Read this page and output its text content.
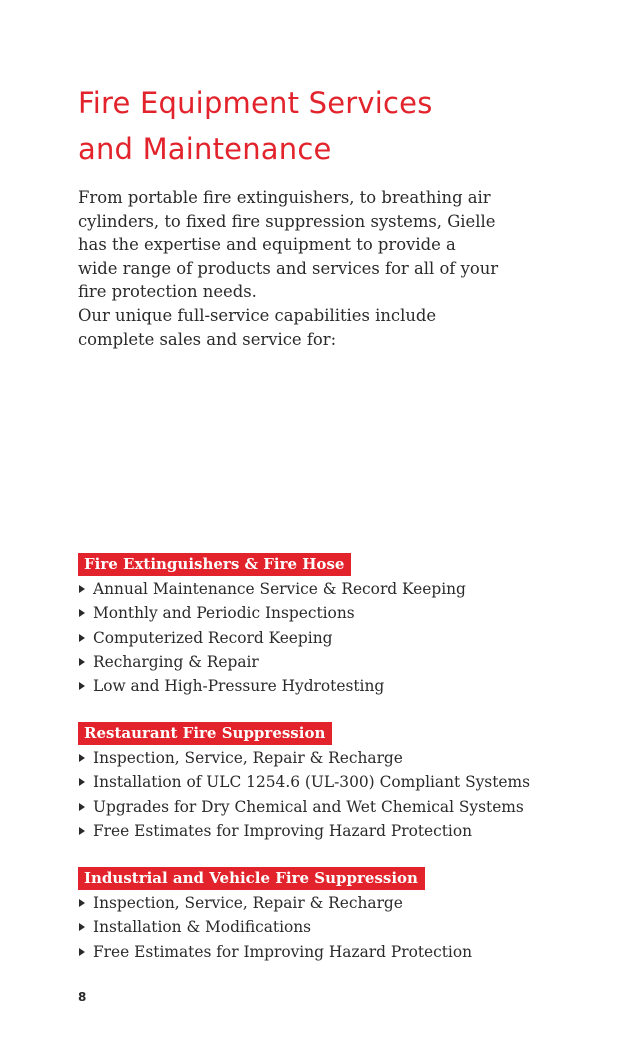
Fire Equipment Services
and Maintenance

From portable fire extinguishers, to breathing air
cylinders, to fixed fire suppression systems, Gielle
has the expertise and equipment to provide a
wide range of products and services for all of your
fire protection needs.
Our unique full-service capabilities include
complete sales and service for:

Fire Extinguishers & Fire Hose
Annual Maintenance Service & Record Keeping
Monthly and Periodic Inspections
Computerized Record Keeping
Recharging & Repair
Low and High-Pressure Hydrotesting
Restaurant Fire Suppression
Inspection, Service, Repair & Recharge
Installation of ULC 1254.6 (UL-300) Compliant Systems
Upgrades for Dry Chemical and Wet Chemical Systems
Free Estimates for Improving Hazard Protection
Industrial and Vehicle Fire Suppression
Inspection, Service, Repair & Recharge
Installation & Modifications
Free Estimates for Improving Hazard Protection
8
